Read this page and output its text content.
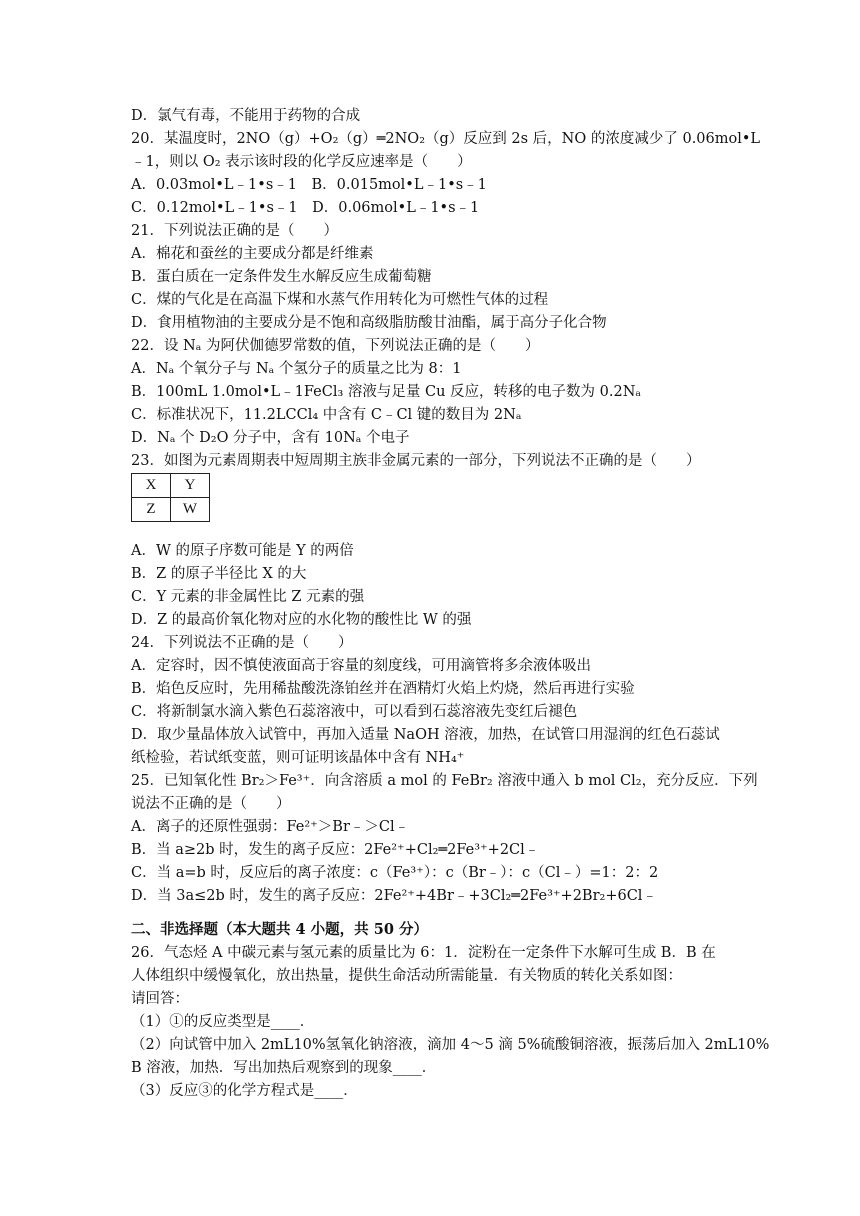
D．氯气有毒，不能用于药物的合成
20．某温度时，2NO（g）+O₂（g）═2NO₂（g）反应到 2s 后，NO 的浓度减少了 0.06mol•L
﹣1，则以 O₂ 表示该时段的化学反应速率是（　　）
A．0.03mol•L﹣1•s﹣1　B．0.015mol•L﹣1•s﹣1
C．0.12mol•L﹣1•s﹣1　D．0.06mol•L﹣1•s﹣1
21．下列说法正确的是（　　）
A．棉花和蚕丝的主要成分都是纤维素
B．蛋白质在一定条件发生水解反应生成葡萄糖
C．煤的气化是在高温下煤和水蒸气作用转化为可燃性气体的过程
D．食用植物油的主要成分是不饱和高级脂肪酸甘油酯，属于高分子化合物
22．设 Nₐ 为阿伏伽德罗常数的值，下列说法正确的是（　　）
A．Nₐ 个氧分子与 Nₐ 个氢分子的质量之比为 8：1
B．100mL 1.0mol•L﹣1FeCl₃ 溶液与足量 Cu 反应，转移的电子数为 0.2Nₐ
C．标准状况下，11.2LCCl₄ 中含有 C﹣Cl 键的数目为 2Nₐ
D．Nₐ 个 D₂O 分子中，含有 10Nₐ 个电子
23．如图为元素周期表中短周期主族非金属元素的一部分，下列说法不正确的是（　　）
A．W 的原子序数可能是 Y 的两倍
B．Z 的原子半径比 X 的大
C．Y 元素的非金属性比 Z 元素的强
D．Z 的最高价氧化物对应的水化物的酸性比 W 的强
24．下列说法不正确的是（　　）
A．定容时，因不慎使液面高于容量的刻度线，可用滴管将多余液体吸出
B．焰色反应时，先用稀盐酸洗涤铂丝并在酒精灯火焰上灼烧，然后再进行实验
C．将新制氯水滴入紫色石蕊溶液中，可以看到石蕊溶液先变红后褪色
D．取少量晶体放入试管中，再加入适量 NaOH 溶液，加热，在试管口用湿润的红色石蕊试
纸检验，若试纸变蓝，则可证明该晶体中含有 NH₄⁺
25．已知氧化性 Br₂＞Fe³⁺．向含溶质 a mol 的 FeBr₂ 溶液中通入 b mol Cl₂，充分反应．下列
说法不正确的是（　　）
A．离子的还原性强弱：Fe²⁺＞Br﹣＞Cl﹣
B．当 a≥2b 时，发生的离子反应：2Fe²⁺+Cl₂═2Fe³⁺+2Cl﹣
C．当 a=b 时，反应后的离子浓度：c（Fe³⁺）：c（Br﹣）：c（Cl﹣）=1：2：2
D．当 3a≤2b 时，发生的离子反应：2Fe²⁺+4Br﹣+3Cl₂═2Fe³⁺+2Br₂+6Cl﹣
二、非选择题（本大题共 4 小题，共 50 分）
26．气态烃 A 中碳元素与氢元素的质量比为 6：1．淀粉在一定条件下水解可生成 B．B 在
人体组织中缓慢氧化，放出热量，提供生命活动所需能量．有关物质的转化关系如图：
请回答：
（1）①的反应类型是____．
（2）向试管中加入 2mL10%氢氧化钠溶液，滴加 4～5 滴 5%硫酸铜溶液，振荡后加入 2mL10%
B 溶液，加热．写出加热后观察到的现象____．
（3）反应③的化学方程式是____．
X	Y
Z	W
